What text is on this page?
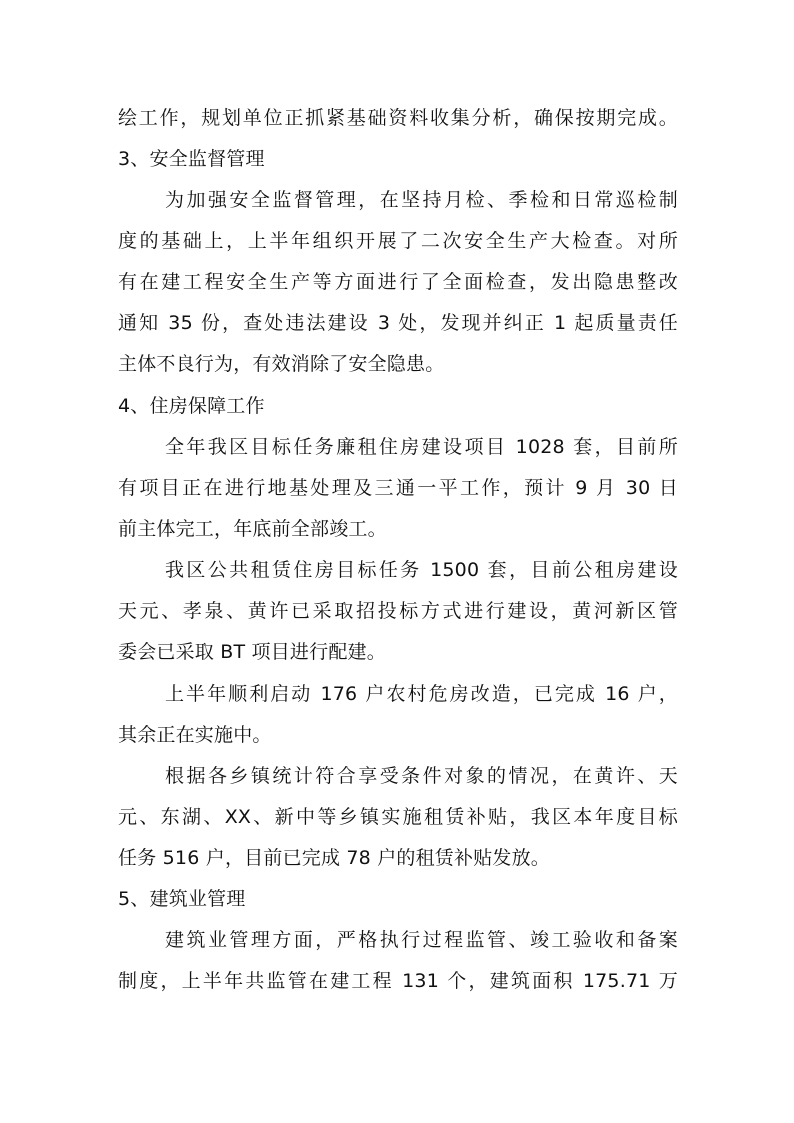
绘工作，规划单位正抓紧基础资料收集分析，确保按期完成。
3、安全监督管理
为加强安全监督管理，在坚持月检、季检和日常巡检制
度的基础上，上半年组织开展了二次安全生产大检查。对所
有在建工程安全生产等方面进行了全面检查，发出隐患整改
通知 35 份，查处违法建设 3 处，发现并纠正 1 起质量责任
主体不良行为，有效消除了安全隐患。
4、住房保障工作
全年我区目标任务廉租住房建设项目 1028 套，目前所
有项目正在进行地基处理及三通一平工作，预计 9 月 30 日
前主体完工，年底前全部竣工。
我区公共租赁住房目标任务 1500 套，目前公租房建设
天元、孝泉、黄许已采取招投标方式进行建设，黄河新区管
委会已采取 BT 项目进行配建。
上半年顺利启动 176 户农村危房改造，已完成 16 户，
其余正在实施中。
根据各乡镇统计符合享受条件对象的情况，在黄许、天
元、东湖、XX、新中等乡镇实施租赁补贴，我区本年度目标
任务 516 户，目前已完成 78 户的租赁补贴发放。
5、建筑业管理
建筑业管理方面，严格执行过程监管、竣工验收和备案
制度，上半年共监管在建工程 131 个，建筑面积 175.71 万
